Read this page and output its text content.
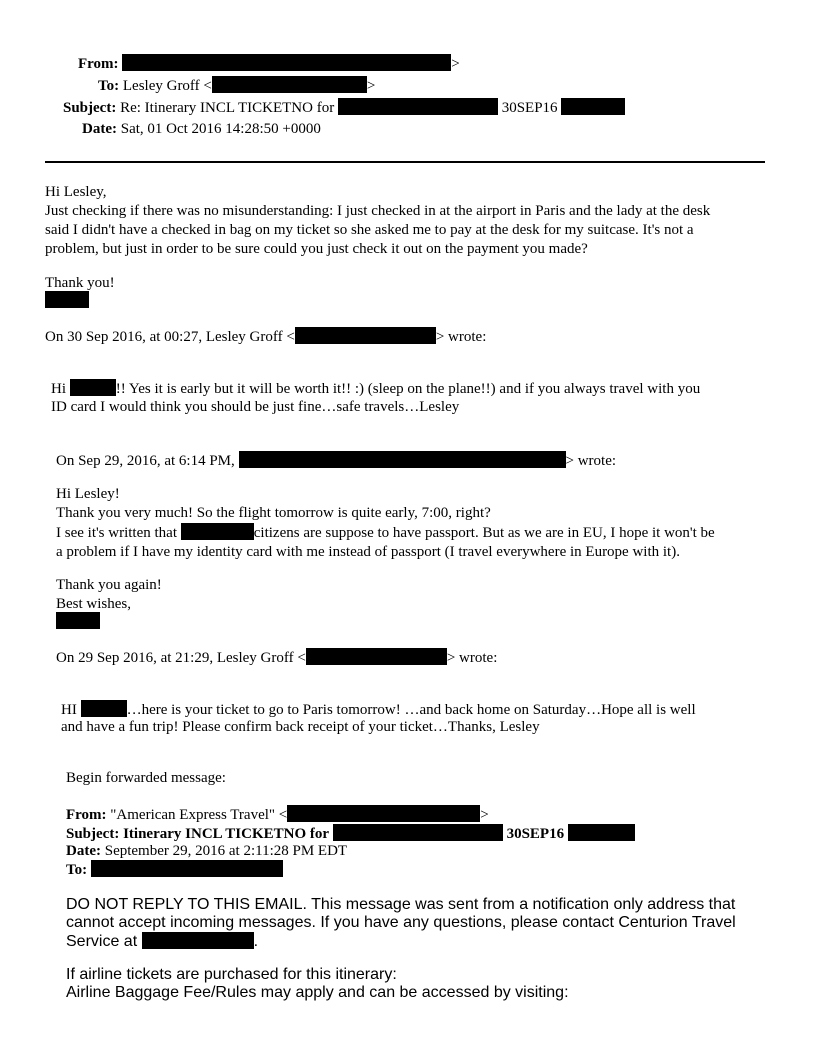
From:	>
To: Lesley Groff <	>
Subject: Re: Itinerary INCL TICKETNO for	30SEP16
Date: Sat, 01 Oct 2016 14:28:50 +0000
Hi Lesley,
Just checking if there was no misunderstanding: I just checked in at the airport in Paris and the lady at the desk
said I didn't have a checked in bag on my ticket so she asked me to pay at the desk for my suitcase. It's not a
problem, but just in order to be sure could you just check it out on the payment you made?
Thank you!
On 30 Sep 2016, at 00:27, Lesley Groff <	> wrote:
Hi	!! Yes it is early but it will be worth it!! :) (sleep on the plane!!) and if you always travel with you
ID card I would think you should be just fine…safe travels…Lesley
On Sep 29, 2016, at 6:14 PM,	> wrote:
Hi Lesley!
Thank you very much! So the flight tomorrow is quite early, 7:00, right?
I see it's written that	citizens are suppose to have passport. But as we are in EU, I hope it won't be
a problem if I have my identity card with me instead of passport (I travel everywhere in Europe with it).
Thank you again!
Best wishes,
On 29 Sep 2016, at 21:29, Lesley Groff <	> wrote:
HI	…here is your ticket to go to Paris tomorrow! …and back home on Saturday…Hope all is well
and have a fun trip! Please confirm back receipt of your ticket…Thanks, Lesley
Begin forwarded message:
From: "American Express Travel" <	>
Subject: Itinerary INCL TICKETNO for	30SEP16
Date: September 29, 2016 at 2:11:28 PM EDT
To:
DO NOT REPLY TO THIS EMAIL. This message was sent from a notification only address that
cannot accept incoming messages. If you have any questions, please contact Centurion Travel
Service at	.
If airline tickets are purchased for this itinerary:
Airline Baggage Fee/Rules may apply and can be accessed by visiting:
